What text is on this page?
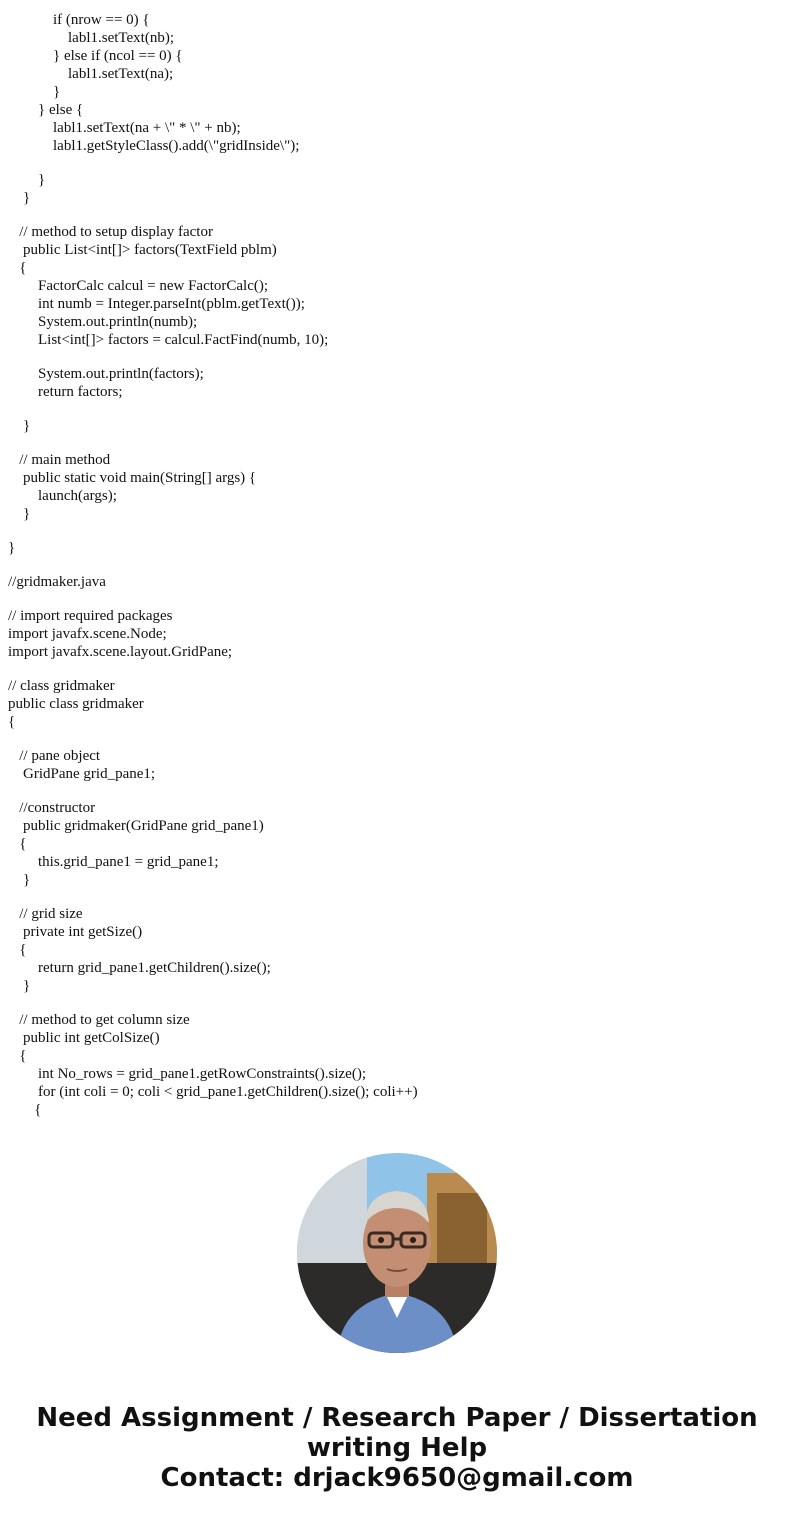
if (nrow == 0) {
labl1.setText(nb);
} else if (ncol == 0) {
labl1.setText(na);
}
} else {
labl1.setText(na + \" * \" + nb);
labl1.getStyleClass().add(\"gridInside\");
}
}
// method to setup display factor
public List<int[]> factors(TextField pblm)
{
FactorCalc calcul = new FactorCalc();
int numb = Integer.parseInt(pblm.getText());
System.out.println(numb);
List<int[]> factors = calcul.FactFind(numb, 10);
System.out.println(factors);
return factors;
}
// main method
public static void main(String[] args) {
launch(args);
}
}
//gridmaker.java
// import required packages
import javafx.scene.Node;
import javafx.scene.layout.GridPane;
// class gridmaker
public class gridmaker
{
// pane object
GridPane grid_pane1;
//constructor
public gridmaker(GridPane grid_pane1)
{
this.grid_pane1 = grid_pane1;
}
// grid size
private int getSize()
{
return grid_pane1.getChildren().size();
}
// method to get column size
public int getColSize()
{
int No_rows = grid_pane1.getRowConstraints().size();
for (int coli = 0; coli < grid_pane1.getChildren().size(); coli++)
{
Need Assignment / Research Paper / Dissertation
writing Help
Contact: drjack9650@gmail.com
